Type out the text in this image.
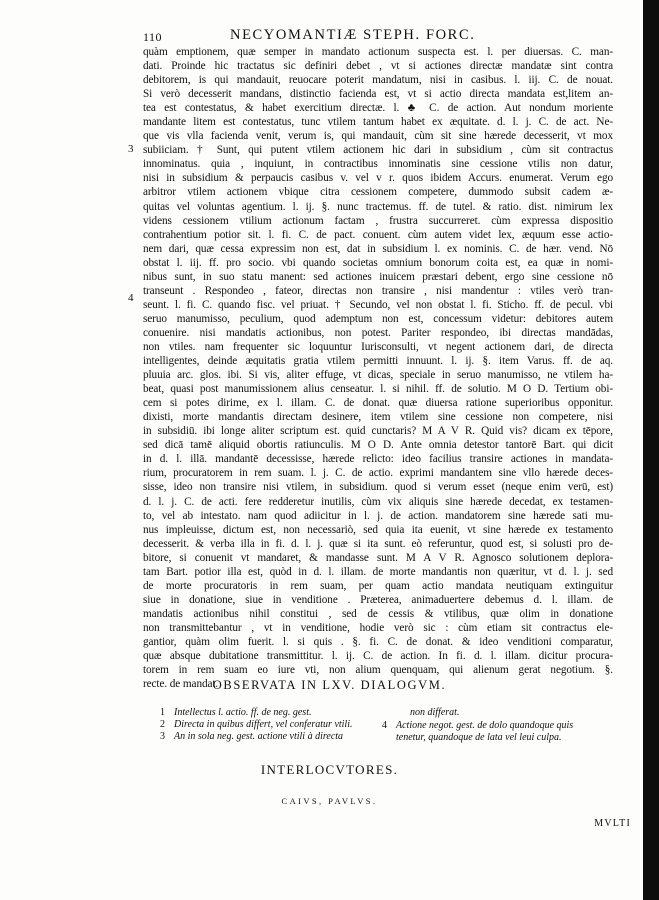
110	NECYOMANTIÆ STEPH. FORC.
quàm emptionem, quæ semper in mandato actionum suspecta est. l. per diuersas. C. man-
dati. Proinde hic tractatus sic definiri debet , vt si actiones directæ mandatæ sint contra
debitorem, is qui mandauit, reuocare poterit mandatum, nisi in casibus. l. iij. C. de nouat.
Si verò decesserit mandans, distinctio facienda est, vt si actio directa mandata est,litem an-
tea est contestatus, & habet exercitium directæ. l. ♣ C. de action. Aut nondum moriente
mandante litem est contestatus, tunc vtilem tantum habet ex æquitate. d. l. j. C. de act. Ne-
que vis vlla facienda venit, verum is, qui mandauit, cùm sit sine hærede decesserit, vt mox
subiiciam. † Sunt, qui putent vtilem actionem hic dari in subsidium , cùm sit contractus
innominatus. quia , inquiunt, in contractibus innominatis sine cessione vtilis non datur,
nisi in subsidium & perpaucis casibus v. vel v r. quos ibidem Accurs. enumerat. Verum ego
arbitror vtilem actionem vbique citra cessionem competere, dummodo subsit cadem æ-
quitas vel voluntas agentium. l. ij. §. nunc tractemus. ff. de tutel. & ratio. dist. nimirum lex
videns cessionem vtilium actionum factam , frustra succurreret. cùm expressa dispositio
contrahentium potior sit. l. fi. C. de pact. conuent. cùm autem videt lex, æquum esse actio-
nem dari, quæ cessa expressim non est, dat in subsidium l. ex nominis. C. de hær. vend. Nō
obstat l. iij. ff. pro socio. vbi quando societas omnium bonorum coita est, ea quæ in nomi-
nibus sunt, in suo statu manent: sed actiones inuicem præstari debent, ergo sine cessione nō
transeunt . Respondeo , fateor, directas non transire , nisi mandentur : vtiles verò tran-
seunt. l. fi. C. quando fisc. vel priuat. † Secundo, vel non obstat l. fi. Sticho. ff. de pecul. vbi
seruo manumisso, peculium, quod ademptum non est, concessum videtur: debitores autem
conuenire. nisi mandatis actionibus, non potest. Pariter respondeo, ibi directas mandādas,
non vtiles. nam frequenter sic loquuntur Iurisconsulti, vt negent actionem dari, de directa
intelligentes, deinde æquitatis gratia vtilem permitti innuunt. l. ij. §. item Varus. ff. de aq.
pluuia arc. glos. ibi. Si vis, aliter effuge, vt dicas, speciale in seruo manumisso, ne vtilem ha-
beat, quasi post manumissionem alius censeatur. l. si nihil. ff. de solutio. M O D. Tertium obi-
cem si potes dirime, ex l. illam. C. de donat. quæ diuersa ratione superioribus opponitur.
dixisti, morte mandantis directam desinere, item vtilem sine cessione non competere, nisi
in subsidiū. ibi longe aliter scriptum est. quid cunctaris? M A V R. Quid vis? dicam ex tēpore,
sed dicā tamē aliquid obortis ratiunculis. M O D. Ante omnia detestor tantorē Bart. qui dicit
in d. l. illā. mandantē decessisse, hærede relicto: ideo facilius transire actiones in mandata-
rium, procuratorem in rem suam. l. j. C. de actio. exprimi mandantem sine vllo hærede deces-
sisse, ideo non transire nisi vtilem, in subsidium. quod si verum esset (neque enim verū, est)
d. l. j. C. de acti. fere redderetur inutilis, cùm vix aliquis sine hærede decedat, ex testamen-
to, vel ab intestato. nam quod adiicitur in l. j. de action. mandatorem sine hærede sati mu-
nus impleuisse, dictum est, non necessariò, sed quia ita euenit, vt sine hærede ex testamento
decesserit. & verba illa in fi. d. l. j. quæ si ita sunt. eò referuntur, quod est, si solusti pro de-
bitore, si conuenit vt mandaret, & mandasse sunt. M A V R. Agnosco solutionem deplora-
tam Bart. potior illa est, quòd in d. l. illam. de morte mandantis non quæritur, vt d. l. j. sed
de morte procuratoris in rem suam, per quam actio mandata neutiquam extinguitur
siue in donatione, siue in venditione . Præterea, animaduertere debemus d. l. illam. de
mandatis actionibus nihil constitui , sed de cessis & vtilibus, quæ olim in donatione
non transmittebantur , vt in venditione, hodie verò sic : cùm etiam sit contractus ele-
gantior, quàm olim fuerit. l. si quis . §. fi. C. de donat. & ideo venditioni comparatur,
quæ absque dubitatione transmittitur. l. ij. C. de action. In fi. d. l. illam. dicitur procura-
torem in rem suam eo iure vti, non alium quenquam, qui alienum gerat negotium. §.
recte. de mandat.
3
4
OBSERVATA IN LXV. DIALOGVM.
1 Intellectus l. actio. ff. de neg. gest.
2 Directa in quibus differt, vel conferatur vtili.
3 An in sola neg. gest. actione vtili à directa
non differat.
4 Actione negot. gest. de dolo quandoque quis
tenetur, quandoque de lata vel leui culpa.
INTERLOCVTORES.
CAIVS, PAVLVS.
MVLTI
